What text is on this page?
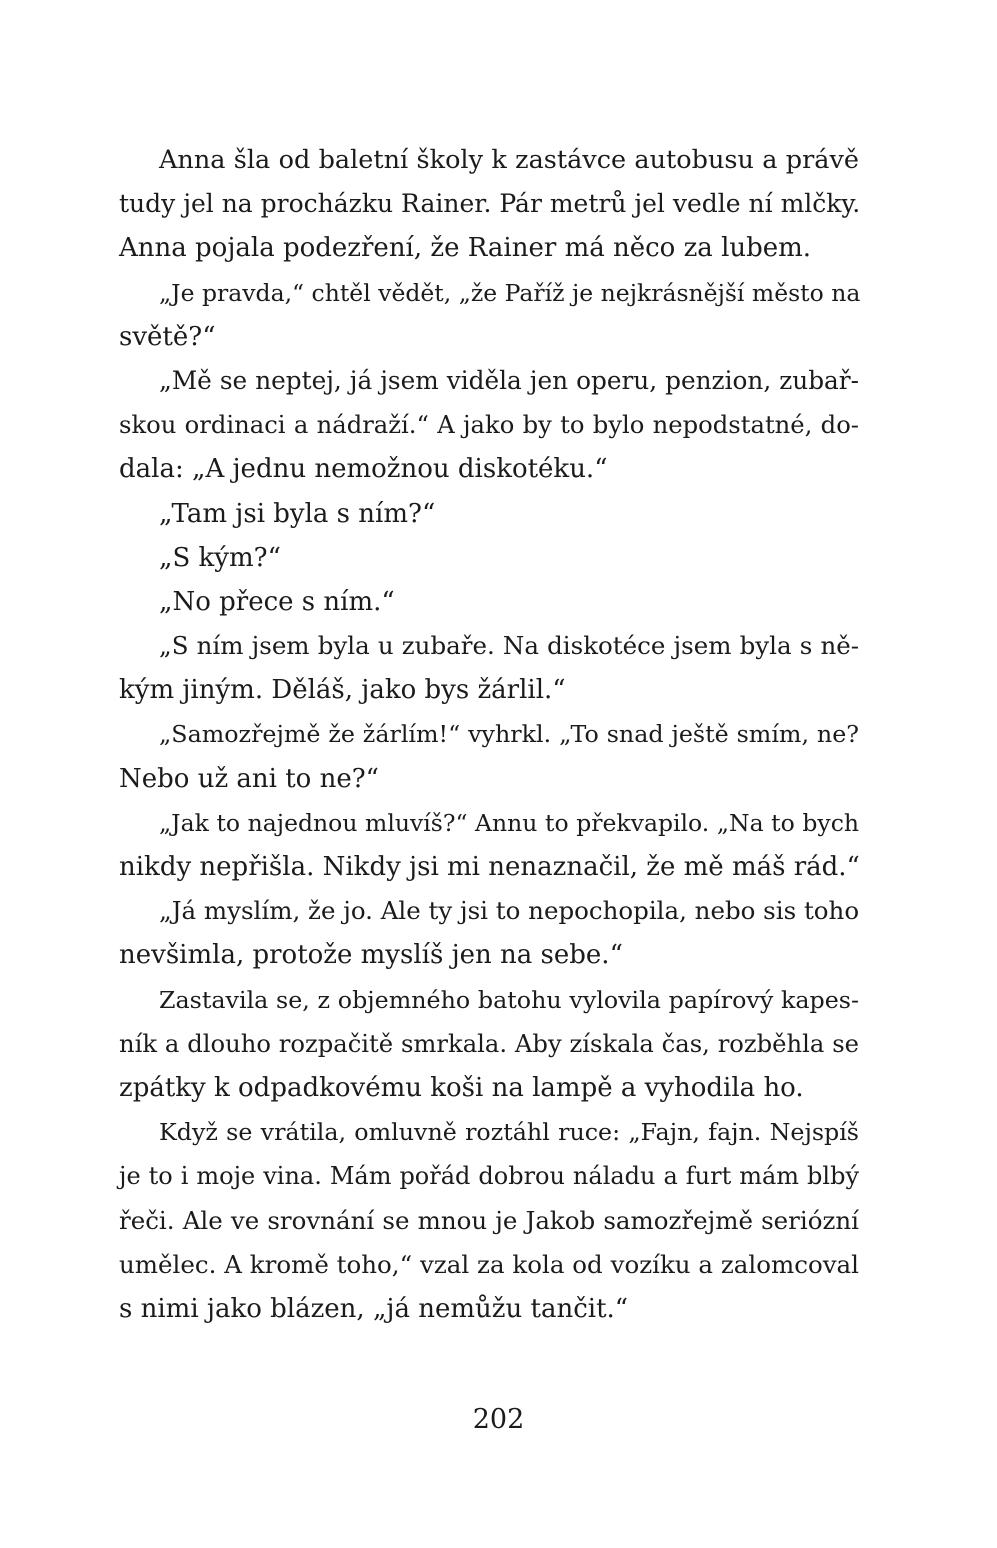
Anna šla od baletní školy k zastávce autobusu a právě
tudy jel na procházku Rainer. Pár metrů jel vedle ní mlčky.
Anna pojala podezření, že Rainer má něco za lubem.
„Je pravda,“ chtěl vědět, „že Paříž je nejkrásnější město na
světě?“
„Mě se neptej, já jsem viděla jen operu, penzion, zubař-
skou ordinaci a nádraží.“ A jako by to bylo nepodstatné, do-
dala: „A jednu nemožnou diskotéku.“
„Tam jsi byla s ním?“
„S kým?“
„No přece s ním.“
„S ním jsem byla u zubaře. Na diskotéce jsem byla s ně-
kým jiným. Děláš, jako bys žárlil.“
„Samozřejmě že žárlím!“ vyhrkl. „To snad ještě smím, ne?
Nebo už ani to ne?“
„Jak to najednou mluvíš?“ Annu to překvapilo. „Na to bych
nikdy nepřišla. Nikdy jsi mi nenaznačil, že mě máš rád.“
„Já myslím, že jo. Ale ty jsi to nepochopila, nebo sis toho
nevšimla, protože myslíš jen na sebe.“
Zastavila se, z objemného batohu vylovila papírový kapes-
ník a dlouho rozpačitě smrkala. Aby získala čas, rozběhla se
zpátky k odpadkovému koši na lampě a vyhodila ho.
Když se vrátila, omluvně roztáhl ruce: „Fajn, fajn. Nejspíš
je to i moje vina. Mám pořád dobrou náladu a furt mám blbý
řeči. Ale ve srovnání se mnou je Jakob samozřejmě seriózní
umělec. A kromě toho,“ vzal za kola od vozíku a zalomcoval
s nimi jako blázen, „já nemůžu tančit.“
202
